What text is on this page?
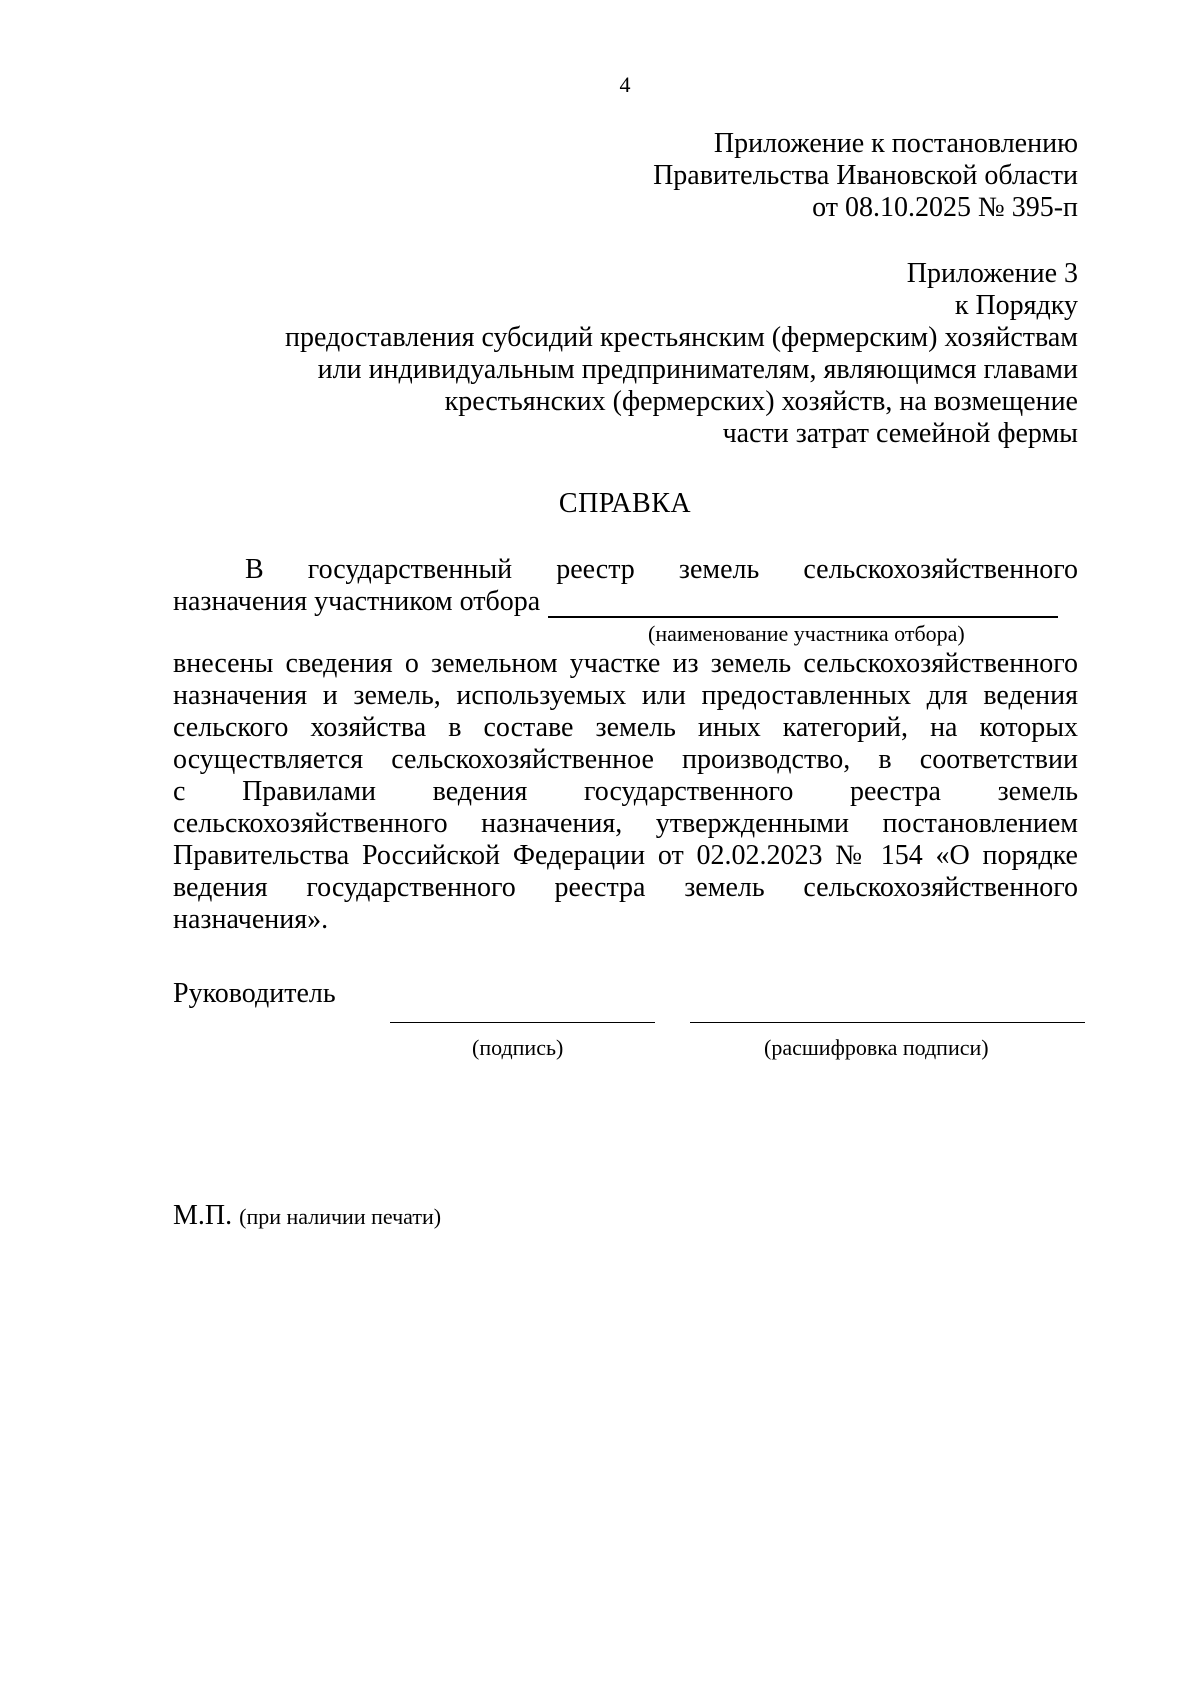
4
Приложение к постановлению
Правительства Ивановской области
от 08.10.2025 № 395-п
Приложение 3
к Порядку
предоставления субсидий крестьянским (фермерским) хозяйствам
или индивидуальным предпринимателям, являющимся главами
крестьянских (фермерских) хозяйств, на возмещение
части затрат семейной фермы
СПРАВКА
В государственный реестр земель сельскохозяйственного
назначения участником отбора
(наименование участника отбора)
внесены сведения о земельном участке из земель сельскохозяйственного
назначения и земель, используемых или предоставленных для ведения
сельского хозяйства в составе земель иных категорий, на которых
осуществляется сельскохозяйственное производство, в соответствии
с Правилами ведения государственного реестра земель
сельскохозяйственного назначения, утвержденными постановлением
Правительства Российской Федерации от 02.02.2023 № 154 «О порядке
ведения государственного реестра земель сельскохозяйственного
назначения».
Руководитель
(подпись)	(расшифровка подписи)
М.П. (при наличии печати)
